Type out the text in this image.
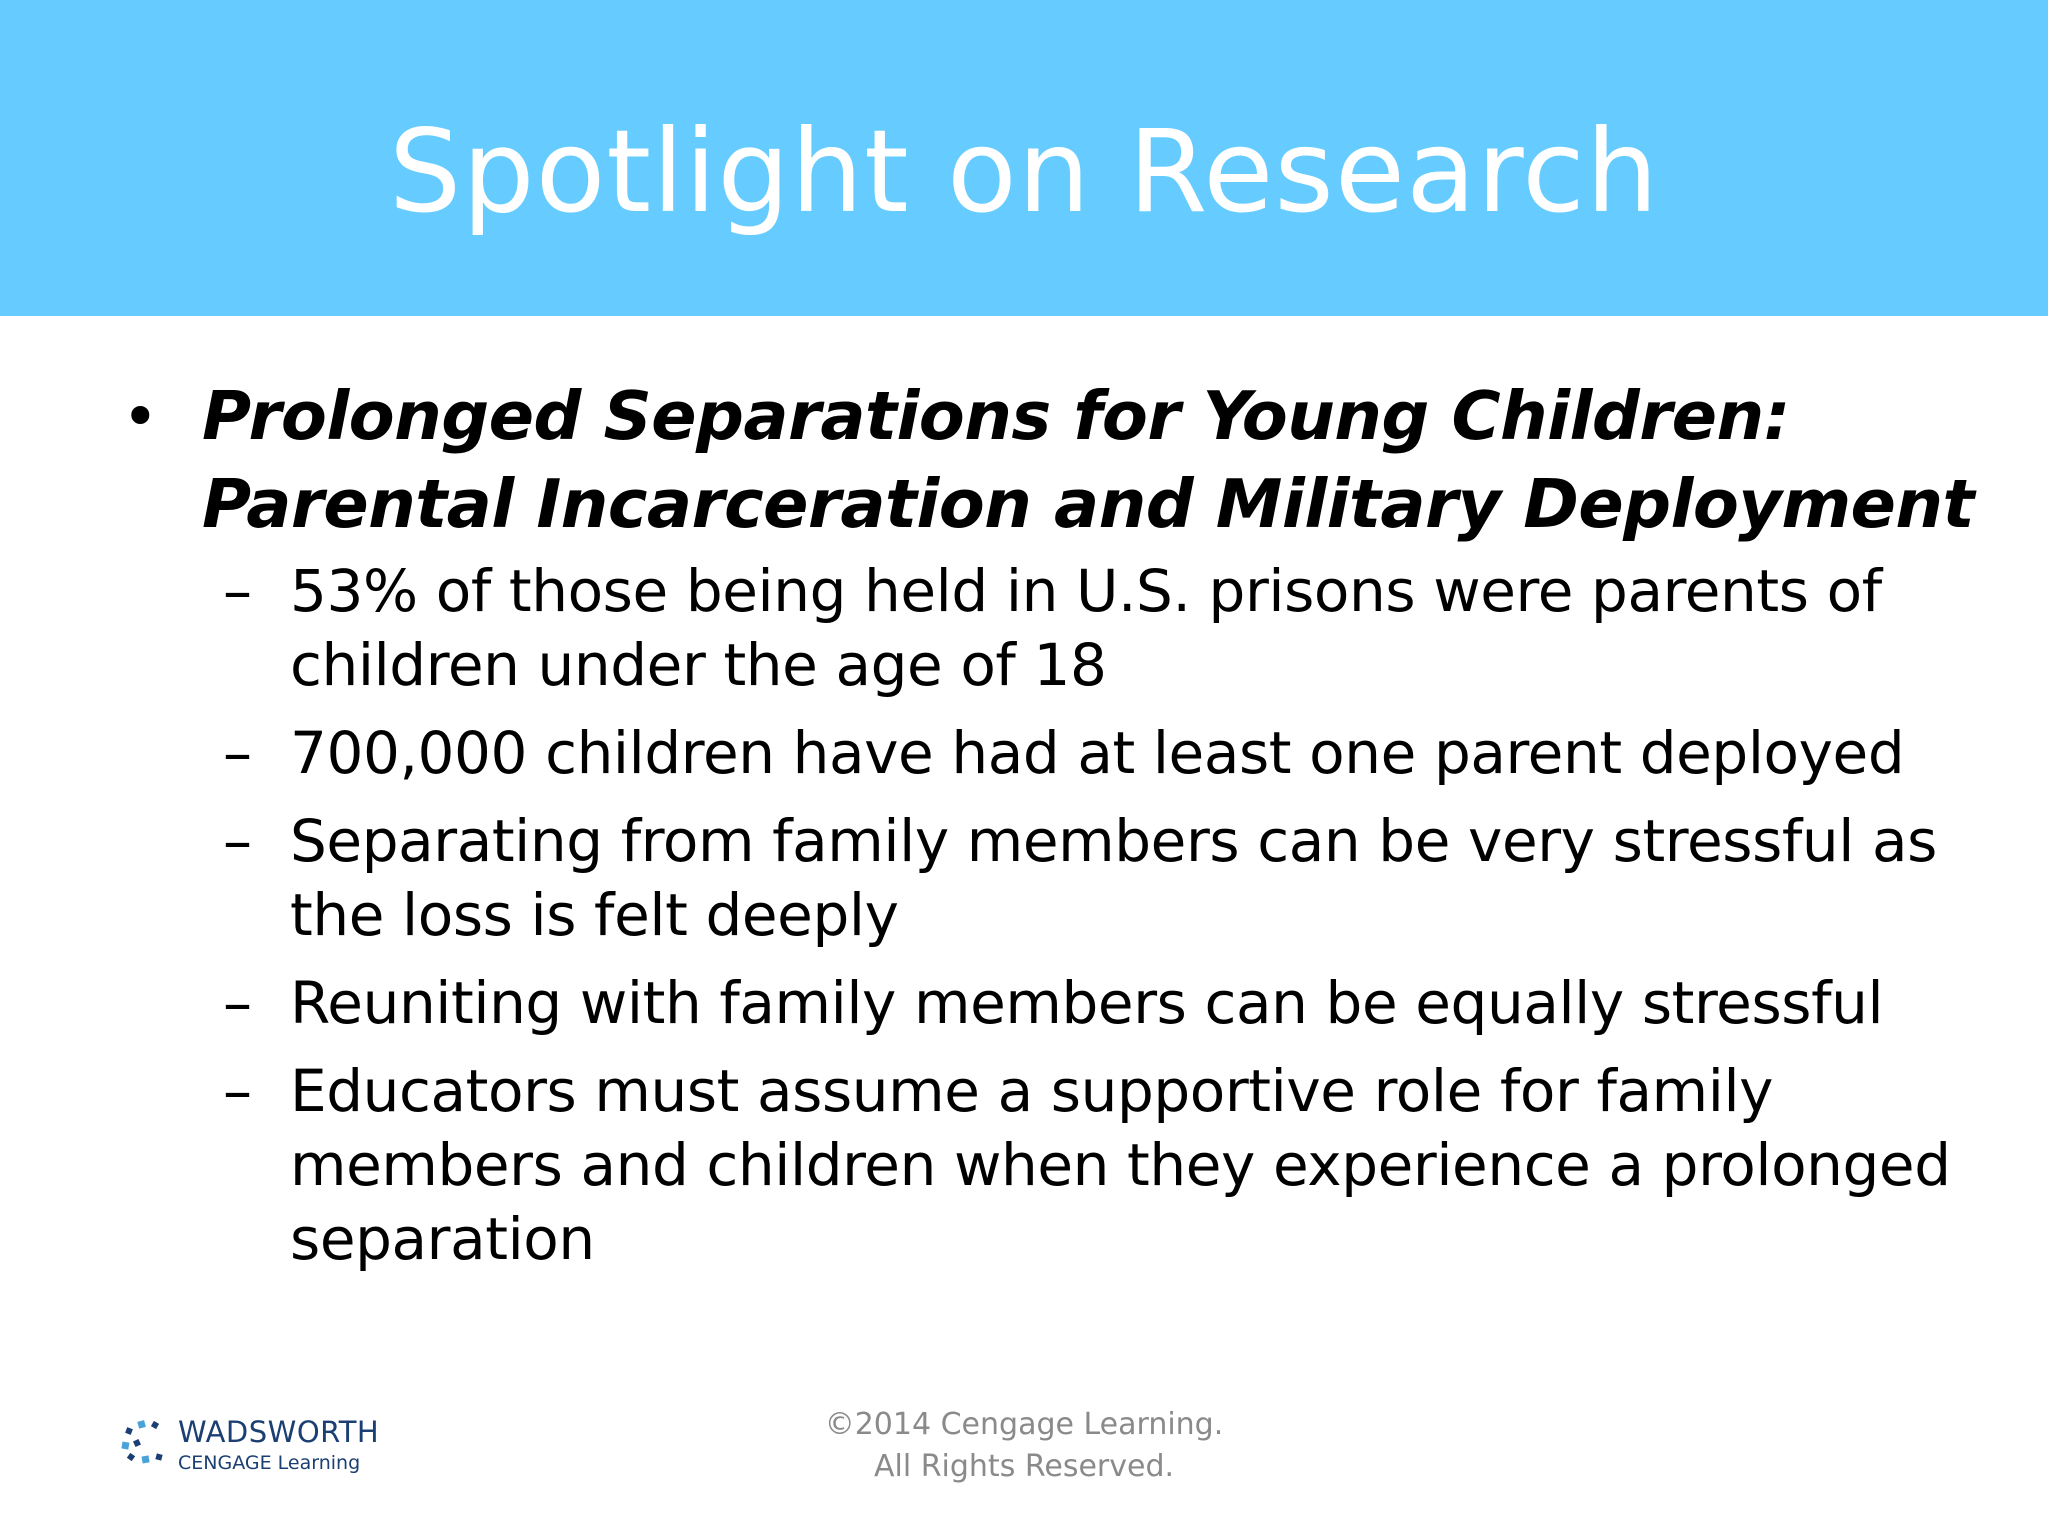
Spotlight on Research
• Prolonged Separations for Young Children: Parental Incarceration and Military Deployment

– 53% of those being held in U.S. prisons were parents of children under the age of 18
– 700,000 children have had at least one parent deployed
– Separating from family members can be very stressful as the loss is felt deeply
– Reuniting with family members can be equally stressful
– Educators must assume a supportive role for family members and children when they experience a prolonged separation
WADSWORTH
CENGAGE Learning
©2014 Cengage Learning.
All Rights Reserved.
